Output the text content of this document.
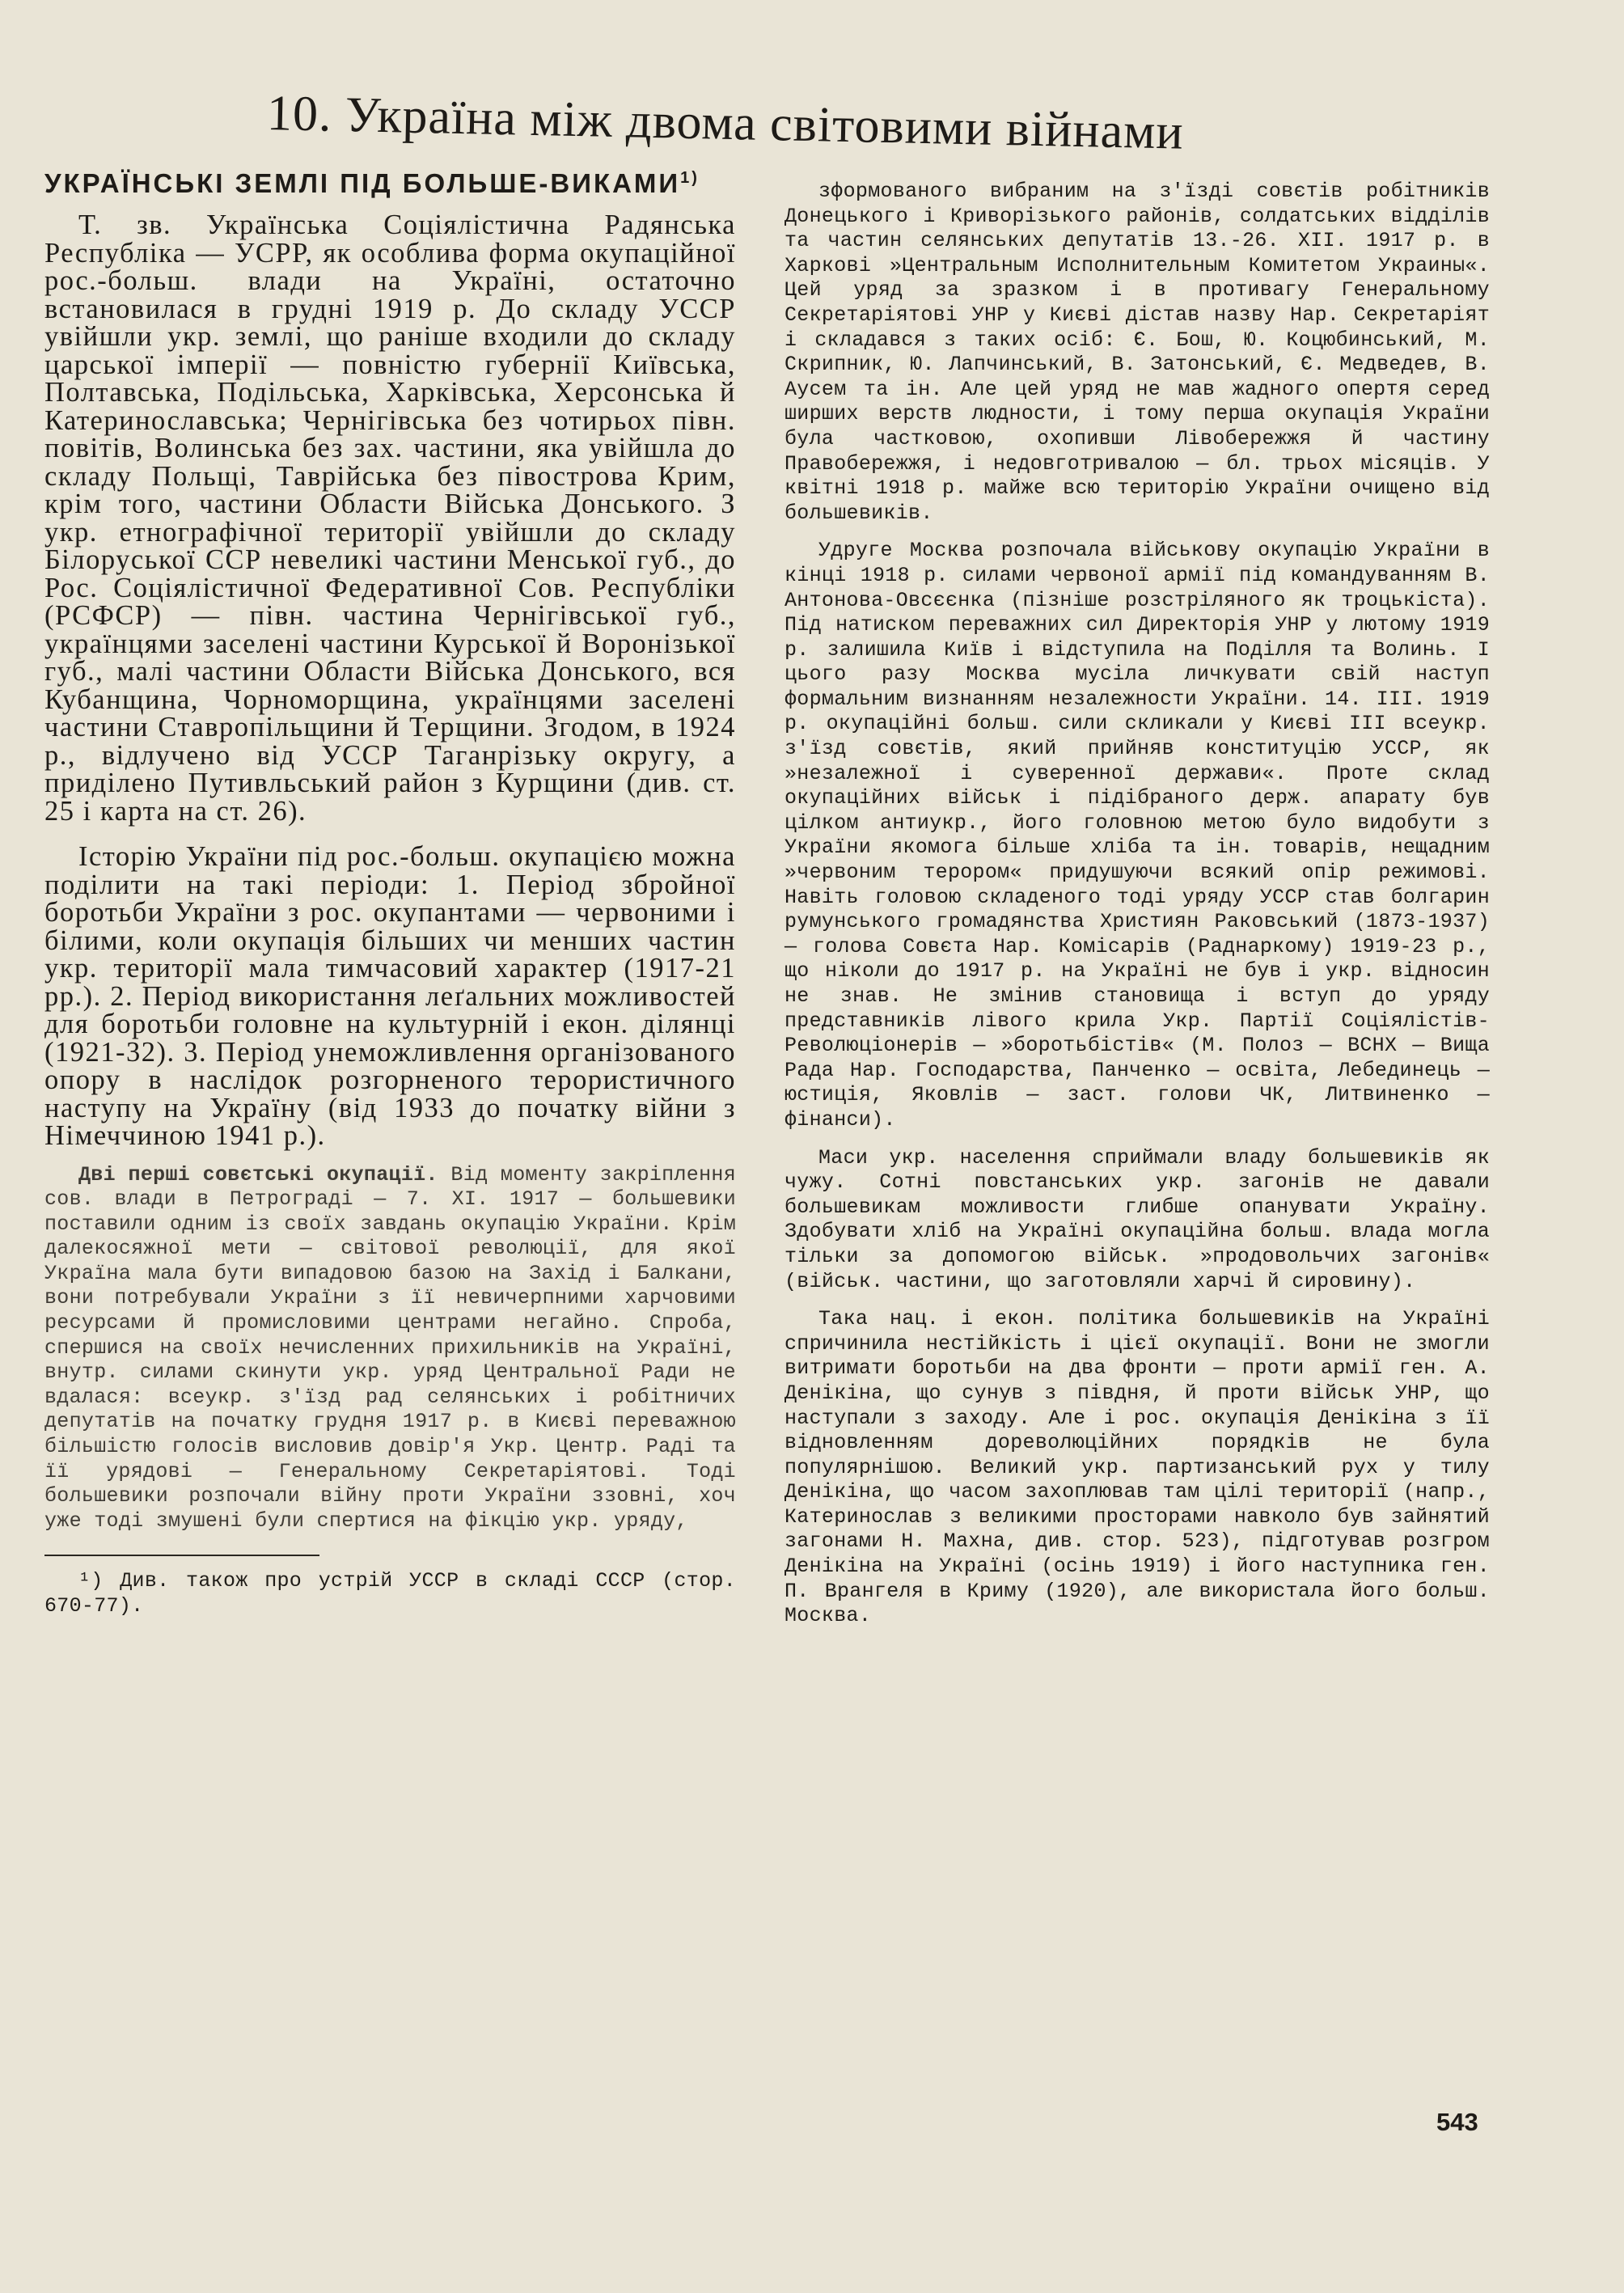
10. Україна між двома світовими війнами
УКРАЇНСЬКІ ЗЕМЛІ ПІД БОЛЬШЕ-ВИКАМИ$^{1)}$

Т. зв. Українська Соціялістична Радянська Республіка — УСРР, як особлива форма окупаційної рос.-больш. влади на Україні, остаточно встановилася в грудні 1919 р. До складу УССР увійшли укр. землі, що раніше входили до складу царської імперії — повністю губернії Київська, Полтавська, Подільська, Харківська, Херсонська й Катеринославська; Чернігівська без чотирьох півн. повітів, Волинська без зах. частини, яка увійшла до складу Польщі, Таврійська без півострова Крим, крім того, частини Области Війська Донського. З укр. етнографічної території увійшли до складу Білоруської ССР невеликі частини Менської губ., до Рос. Соціялістичної Федеративної Сов. Республіки (РСФСР) — півн. частина Чернігівської губ., українцями заселені частини Курської й Воронізької губ., малі частини Области Війська Донського, вся Кубанщина, Чорноморщина, українцями заселені частини Ставропільщини й Терщини. Згодом, в 1924 р., відлучено від УССР Таганрізьку округу, а приділено Путивльський район з Курщини (див. ст. 25 і карта на ст. 26).

Історію України під рос.-больш. окупацією можна поділити на такі періоди: 1. Період збройної боротьби України з рос. окупантами — червоними і білими, коли окупація більших чи менших частин укр. території мала тимчасовий характер (1917-21 рр.). 2. Період використання леґальних можливостей для боротьби головне на культурній і екон. ділянці (1921-32). 3. Період унеможливлення організованого опору в наслідок розгорненого терористичного наступу на Україну (від 1933 до початку війни з Німеччиною 1941 р.).

Дві перші совєтські окупації. Від моменту закріплення сов. влади в Петрограді — 7. XI. 1917 — большевики поставили одним із своїх завдань окупацію України. Крім далекосяжної мети — світової революції, для якої Україна мала бути випадовою базою на Захід і Балкани, вони потребували України з її невичерпними харчовими ресурсами й промисловими центрами негайно. Спроба, спершися на своїх нечисленних прихильників на Україні, внутр. силами скинути укр. уряд Центральної Ради не вдалася: всеукр. з'їзд рад селянських і робітничих депутатів на початку грудня 1917 р. в Києві переважною більшістю голосів висловив довір'я Укр. Центр. Раді та її урядові — Генеральному Секретаріятові. Тоді большевики розпочали війну проти України ззовні, хоч уже тоді змушені були спертися на фікцію укр. уряду,

¹) Див. також про устрій УССР в складі СССР (стор. 670-77).

зформованого вибраним на з'їзді совєтів робітників Донецького і Криворізького районів, солдатських відділів та частин селянських депутатів 13.-26. XII. 1917 р. в Харкові »Центральным Исполнительным Комитетом Украины«. Цей уряд за зразком і в противагу Генеральному Секретаріятові УНР у Києві дістав назву Нар. Секретаріят і складався з таких осіб: Є. Бош, Ю. Коцюбинський, М. Скрипник, Ю. Лапчинський, В. Затонський, Є. Медведев, В. Аусем та ін. Але цей уряд не мав жадного опертя серед ширших верств людности, і тому перша окупація України була частковою, охопивши Лівобережжя й частину Правобережжя, і недовготривалою — бл. трьох місяців. У квітні 1918 р. майже всю територію України очищено від большевиків.

Удруге Москва розпочала військову окупацію України в кінці 1918 р. силами червоної армії під командуванням В. Антонова-Овсєєнка (пізніше розстріляного як троцькіста). Під натиском переважних сил Директорія УНР у лютому 1919 р. залишила Київ і відступила на Поділля та Волинь. І цього разу Москва мусіла личкувати свій наступ формальним визнанням незалежности України. 14. III. 1919 р. окупаційні больш. сили скликали у Києві III всеукр. з'їзд совєтів, який прийняв конституцію УССР, як »незалежної і суверенної держави«. Проте склад окупаційних військ і підібраного держ. апарату був цілком антиукр., його головною метою було видобути з України якомога більше хліба та ін. товарів, нещадним »червоним терором« придушуючи всякий опір режимові. Навіть головою складеного тоді уряду УССР став болгарин румунського громадянства Християн Раковський (1873-1937) — голова Совєта Нар. Комісарів (Раднаркому) 1919-23 р., що ніколи до 1917 р. на Україні не був і укр. відносин не знав. Не змінив становища і вступ до уряду представників лівого крила Укр. Партії Соціялістів-Революціонерів — »боротьбістів« (М. Полоз — ВСНХ — Вища Рада Нар. Господарства, Панченко — освіта, Лебединець — юстиція, Яковлів — заст. голови ЧК, Литвиненко — фінанси).

Маси укр. населення сприймали владу большевиків як чужу. Сотні повстанських укр. загонів не давали большевикам можливости глибше опанувати Україну. Здобувати хліб на Україні окупаційна больш. влада могла тільки за допомогою військ. »продовольчих загонів« (військ. частини, що заготовляли харчі й сировину).

Така нац. і екон. політика большевиків на Україні спричинила нестійкість і цієї окупації. Вони не змогли витримати боротьби на два фронти — проти армії ген. А. Денікіна, що сунув з півдня, й проти військ УНР, що наступали з заходу. Але і рос. окупація Денікіна з її відновленням дореволюційних порядків не була популярнішою. Великий укр. партизанський рух у тилу Денікіна, що часом захоплював там цілі території (напр., Катеринослав з великими просторами навколо був зайнятий загонами Н. Махна, див. стор. 523), підготував розгром Денікіна на Україні (осінь 1919) і його наступника ген. П. Врангеля в Криму (1920), але використала його больш. Москва.

543
